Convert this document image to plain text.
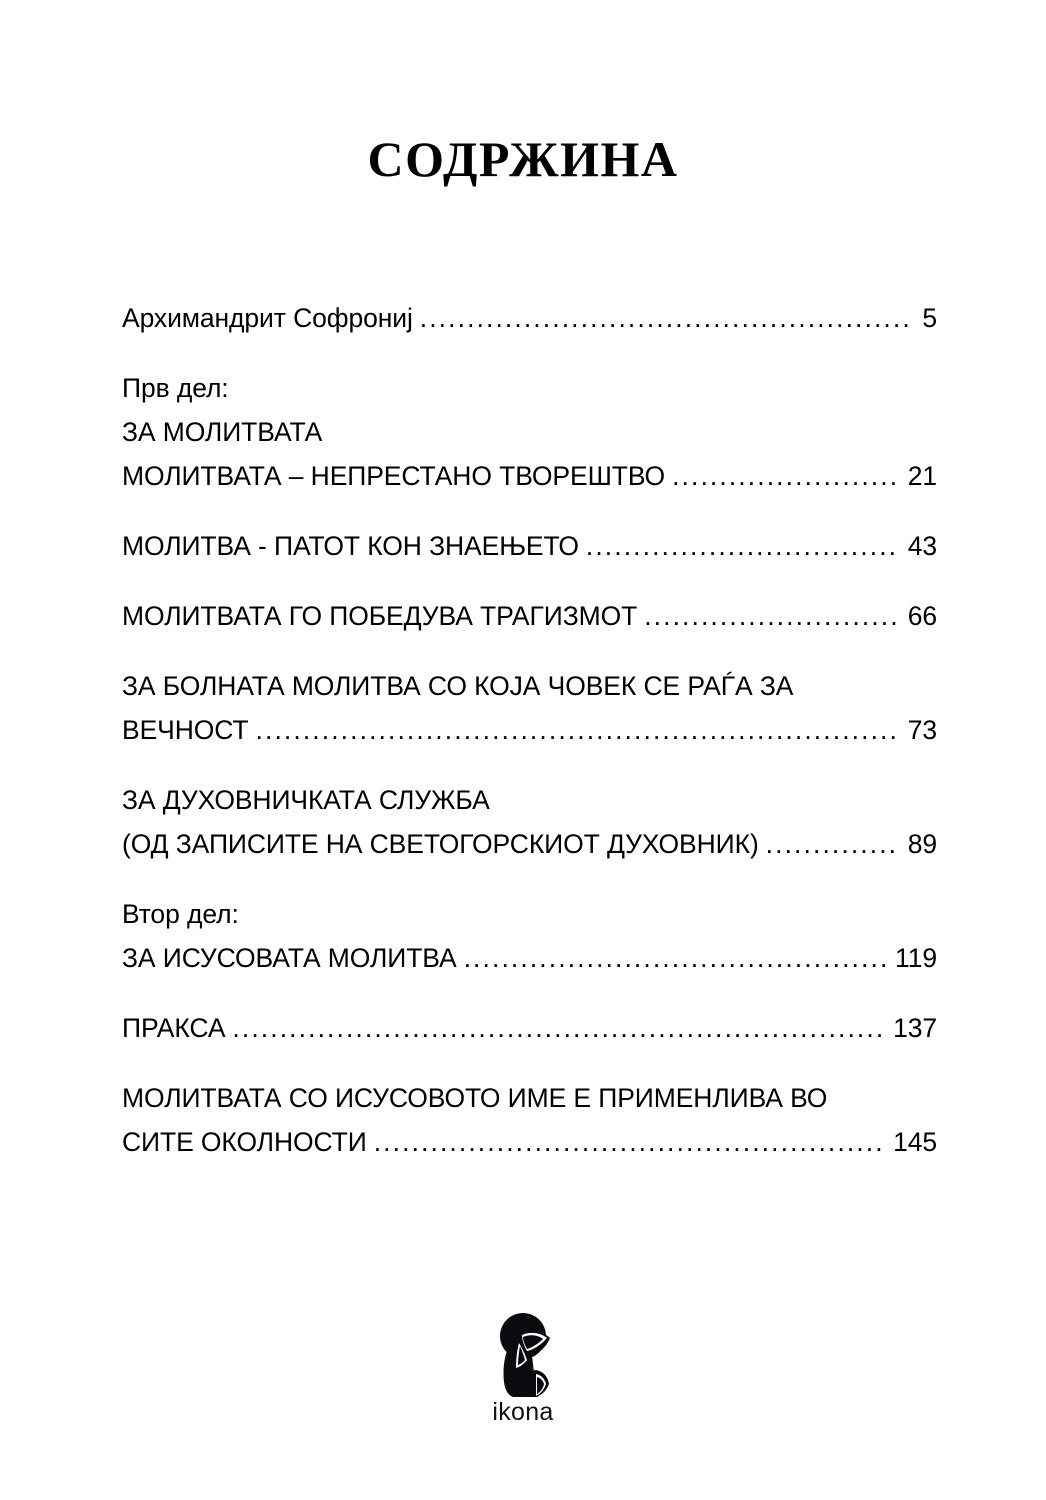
СОДРЖИНА
Архимандрит Софрониј .....	5
Прв дел:
ЗА МОЛИТВАТА
МОЛИТВАТА – НЕПРЕСТАНО ТВОРЕШТВО .....	21
МОЛИТВА - ПАТОТ КОН ЗНАЕЊЕТО .....	43
МОЛИТВАТА ГО ПОБЕДУВА ТРАГИЗМОТ .....	66
ЗА БОЛНАТА МОЛИТВА СО КОЈА ЧОВЕК СЕ РАЃА ЗА
ВЕЧНОСТ .....	73
ЗА ДУХОВНИЧКАТА СЛУЖБА
(ОД ЗАПИСИТЕ НА СВЕТОГОРСКИОТ ДУХОВНИК) .....	89
Втор дел:
ЗА ИСУСОВАТА МОЛИТВА .....	119
ПРАКСА .....	137
МОЛИТВАТА СО ИСУСОВОТО ИМЕ Е ПРИМЕНЛИВА ВО
СИТЕ ОКОЛНОСТИ .....	145
ikona
